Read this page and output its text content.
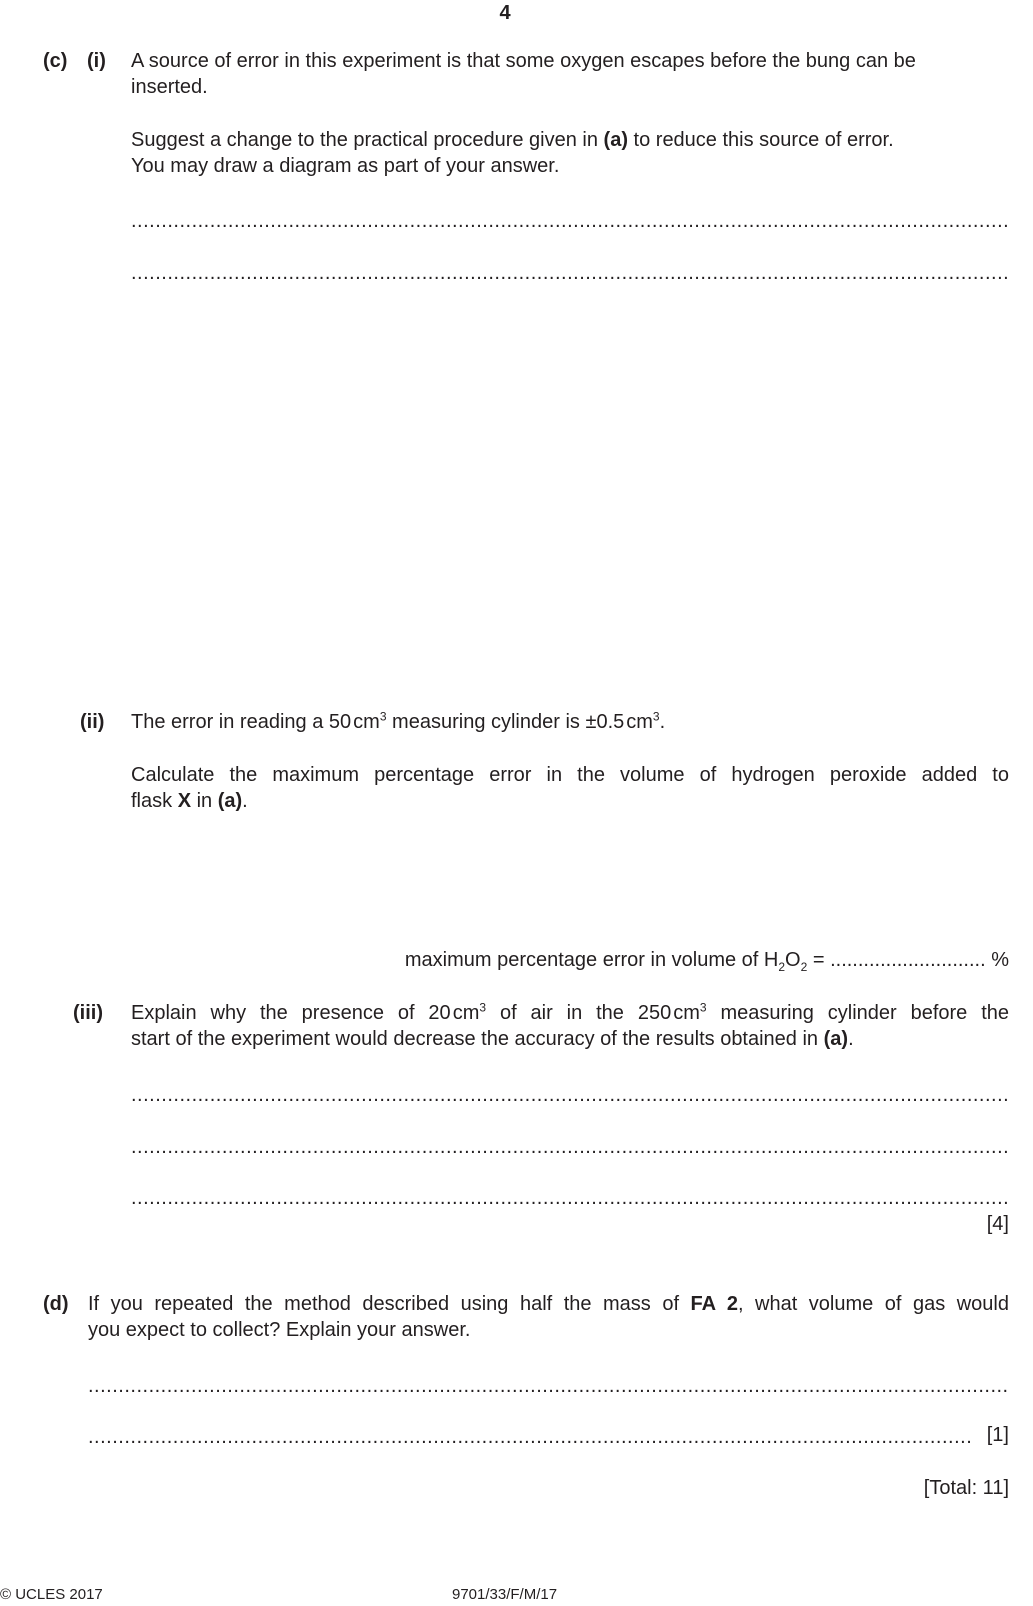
4
(c) (i) A source of error in this experiment is that some oxygen escapes before the bung can be
inserted.
Suggest a change to the practical procedure given in (a) to reduce this source of error.
You may draw a diagram as part of your answer.
.....
.....
(ii) The error in reading a 50 $cm^3$ measuring cylinder is ±0.5 $cm^3$.
Calculate the maximum percentage error in the volume of hydrogen peroxide added to
flask X in (a).
maximum percentage error in volume of $H_2O_2$ = ............................ %
(iii) Explain why the presence of 20 $cm^3$ of air in the 250 $cm^3$ measuring cylinder before the
start of the experiment would decrease the accuracy of the results obtained in (a).
.....
.....
.....
[4]
(d) If you repeated the method described using half the mass of FA 2, what volume of gas would
you expect to collect? Explain your answer.
.....
.....
[1]
[Total: 11]
© UCLES 2017	9701/33/F/M/17
